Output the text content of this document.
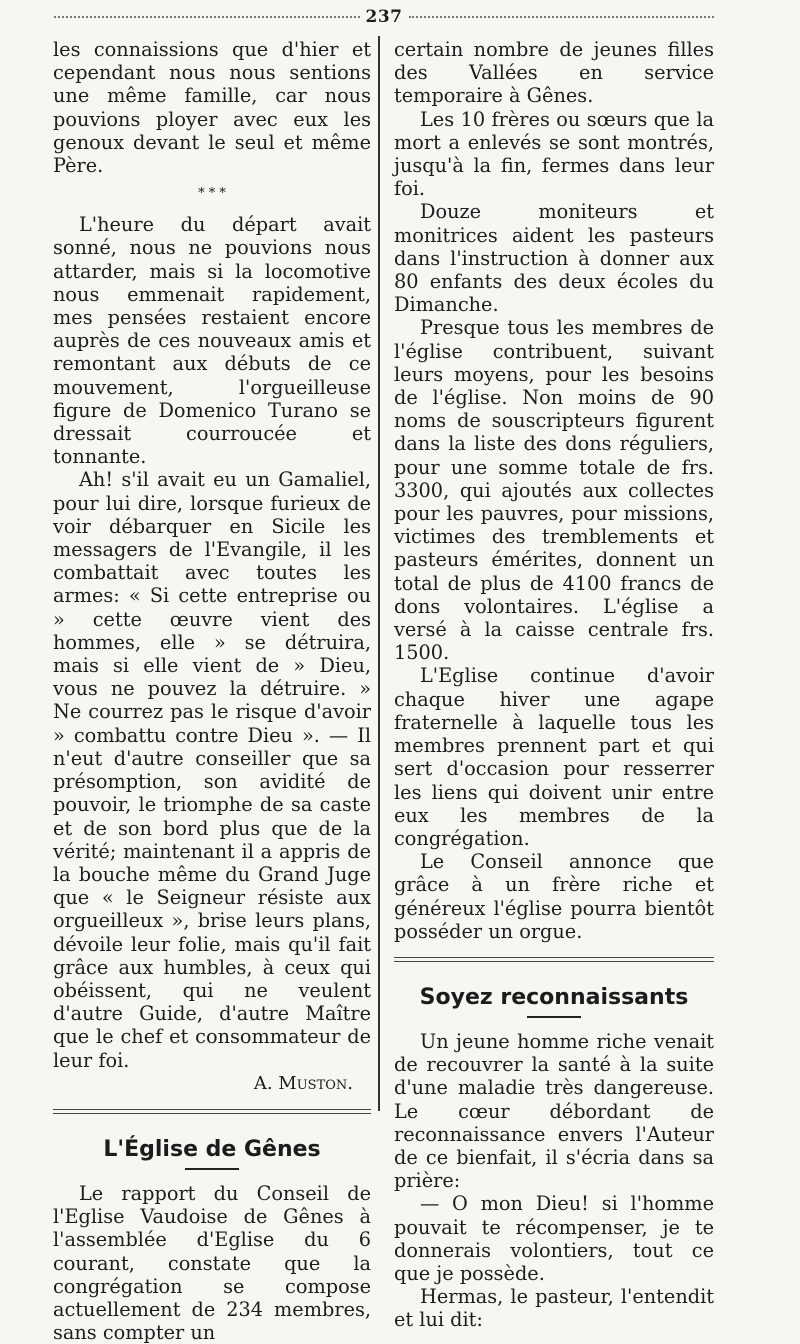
237

les connaissions que d'hier et cependant nous nous sentions une même famille, car nous pouvions ployer avec eux les genoux devant le seul et même Père.

* * *

L'heure du départ avait sonné, nous ne pouvions nous attarder, mais si la locomotive nous emmenait rapidement, mes pensées restaient encore auprès de ces nouveaux amis et remontant aux débuts de ce mouvement, l'orgueilleuse figure de Domenico Turano se dressait courroucée et tonnante.

Ah! s'il avait eu un Gamaliel, pour lui dire, lorsque furieux de voir débarquer en Sicile les messagers de l'Evangile, il les combattait avec toutes les armes: « Si cette entreprise ou » cette œuvre vient des hommes, elle » se détruira, mais si elle vient de » Dieu, vous ne pouvez la détruire. » Ne courrez pas le risque d'avoir » combattu contre Dieu ». — Il n'eut d'autre conseiller que sa présomption, son avidité de pouvoir, le triomphe de sa caste et de son bord plus que de la vérité; maintenant il a appris de la bouche même du Grand Juge que « le Seigneur résiste aux orgueilleux », brise leurs plans, dévoile leur folie, mais qu'il fait grâce aux humbles, à ceux qui obéissent, qui ne veulent d'autre Guide, d'autre Maître que le chef et consommateur de leur foi.

A. Muston.
L'Église de Gênes

Le rapport du Conseil de l'Eglise Vaudoise de Gênes à l'assemblée d'Eglise du 6 courant, constate que la congrégation se compose actuellement de 234 membres, sans compter un

certain nombre de jeunes filles des Vallées en service temporaire à Gênes.

Les 10 frères ou sœurs que la mort a enlevés se sont montrés, jusqu'à la fin, fermes dans leur foi.

Douze moniteurs et monitrices aident les pasteurs dans l'instruction à donner aux 80 enfants des deux écoles du Dimanche.

Presque tous les membres de l'église contribuent, suivant leurs moyens, pour les besoins de l'église. Non moins de 90 noms de souscripteurs figurent dans la liste des dons réguliers, pour une somme totale de frs. 3300, qui ajoutés aux collectes pour les pauvres, pour missions, victimes des tremblements et pasteurs émérites, donnent un total de plus de 4100 francs de dons volontaires. L'église a versé à la caisse centrale frs. 1500.

L'Eglise continue d'avoir chaque hiver une agape fraternelle à laquelle tous les membres prennent part et qui sert d'occasion pour resserrer les liens qui doivent unir entre eux les membres de la congrégation.

Le Conseil annonce que grâce à un frère riche et généreux l'église pourra bientôt posséder un orgue.

Soyez reconnaissants

Un jeune homme riche venait de recouvrer la santé à la suite d'une maladie très dangereuse. Le cœur débordant de reconnaissance envers l'Auteur de ce bienfait, il s'écria dans sa prière:

— O mon Dieu! si l'homme pouvait te récompenser, je te donnerais volontiers, tout ce que je possède.

Hermas, le pasteur, l'entendit et lui dit:
